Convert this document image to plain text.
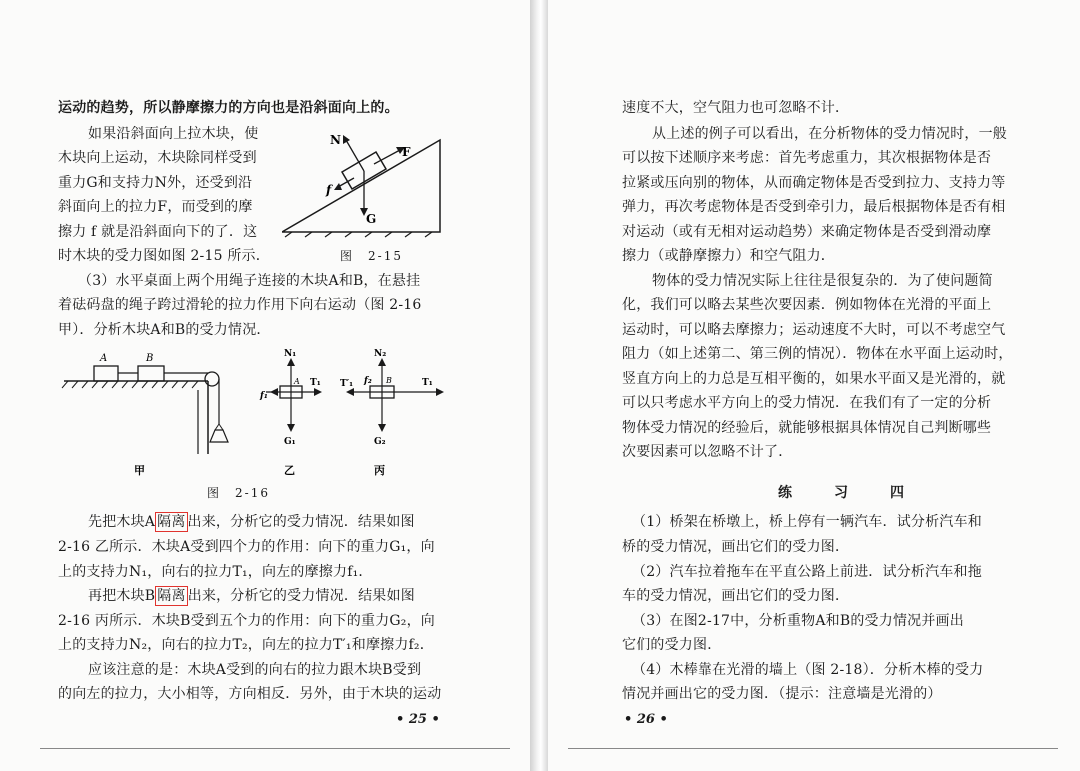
运动的趋势，所以静摩擦力的方向也是沿斜面向上的。
如果沿斜面向上拉木块，使
木块向上运动，木块除同样受到
重力G和支持力N外，还受到沿
斜面向上的拉力F，而受到的摩
擦力 f 就是沿斜面向下的了．这
时木块的受力图如图 2-15 所示．
N
F
f
G
图　2-15
（3）水平桌面上两个用绳子连接的木块A和B，在悬挂
着砝码盘的绳子跨过滑轮的拉力作用下向右运动（图 2-16
甲）．分析木块A和B的受力情况．
A	B	N₁
G₁
T₁
f₁
A
N₂
G₂
T′₁ f₂ B	T₁
甲	乙	丙
图　2-16
先把木块A 隔离 出来，分析它的受力情况．结果如图
2-16 乙所示．木块A受到四个力的作用：向下的重力G₁，向
上的支持力N₁，向右的拉力T₁，向左的摩擦力f₁．
再把木块B 隔离 出来，分析它的受力情况．结果如图
2-16 丙所示．木块B受到五个力的作用：向下的重力G₂，向
上的支持力N₂，向右的拉力T₂，向左的拉力T′₁和摩擦力f₂．
应该注意的是：木块A受到的向右的拉力跟木块B受到
的向左的拉力，大小相等，方向相反．另外，由于木块的运动
• 25 •
速度不大，空气阻力也可忽略不计．
从上述的例子可以看出，在分析物体的受力情况时，一般
可以按下述顺序来考虑：首先考虑重力，其次根据物体是否
拉紧或压向别的物体，从而确定物体是否受到拉力、支持力等
弹力，再次考虑物体是否受到牵引力，最后根据物体是否有相
对运动（或有无相对运动趋势）来确定物体是否受到滑动摩
擦力（或静摩擦力）和空气阻力．
物体的受力情况实际上往往是很复杂的．为了使问题简
化，我们可以略去某些次要因素．例如物体在光滑的平面上
运动时，可以略去摩擦力；运动速度不大时，可以不考虑空气
阻力（如上述第二、第三例的情况）．物体在水平面上运动时，
竖直方向上的力总是互相平衡的，如果水平面又是光滑的，就
可以只考虑水平方向上的受力情况．在我们有了一定的分析
物体受力情况的经验后，就能够根据具体情况自己判断哪些
次要因素可以忽略不计了．
练　习　四
（1）桥架在桥墩上，桥上停有一辆汽车．试分析汽车和
桥的受力情况，画出它们的受力图．
（2）汽车拉着拖车在平直公路上前进．试分析汽车和拖
车的受力情况，画出它们的受力图．
（3）在图2-17中，分析重物A和B的受力情况并画出
它们的受力图．
（4）木棒靠在光滑的墙上（图 2-18）．分析木棒的受力
情况并画出它的受力图．（提示：注意墙是光滑的）
• 26 •
